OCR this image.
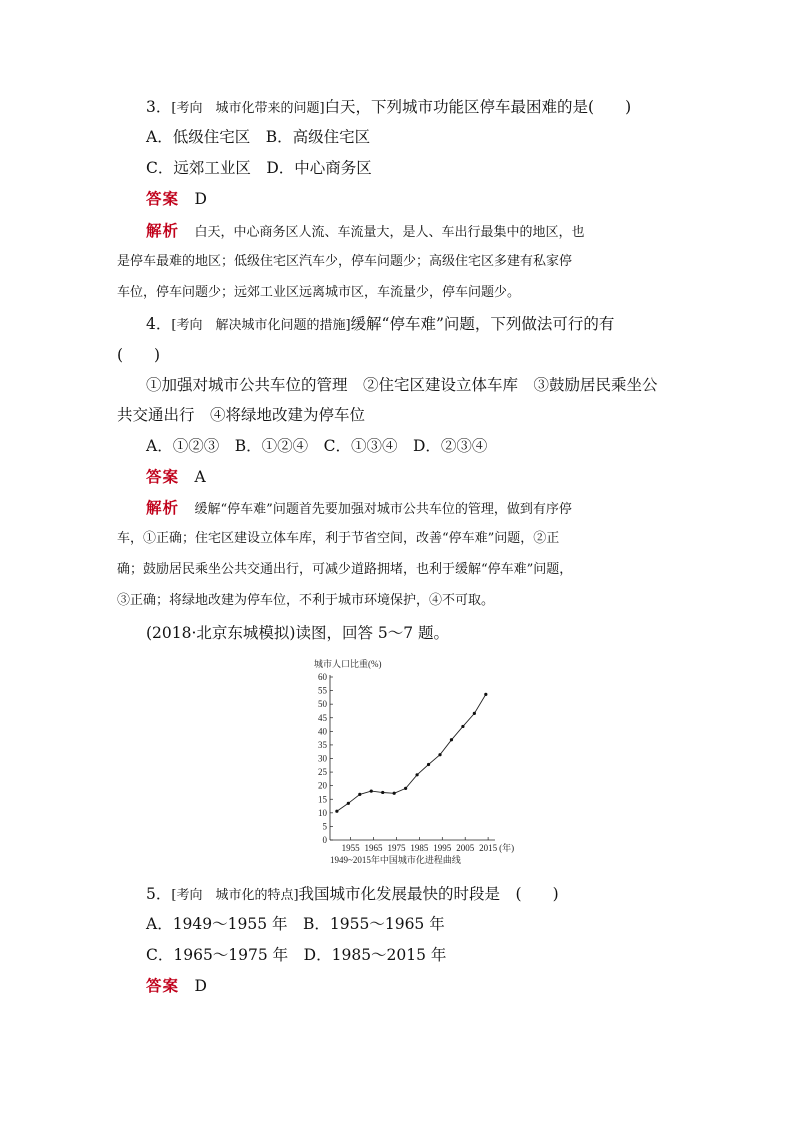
3．[考向　城市化带来的问题]白天，下列城市功能区停车最困难的是(　　)
A．低级住宅区　B．高级住宅区
C．远郊工业区　D．中心商务区
答案　 D
解析　 白天，中心商务区人流、车流量大，是人、车出行最集中的地区，也
是停车最难的地区；低级住宅区汽车少，停车问题少；高级住宅区多建有私家停
车位，停车问题少；远郊工业区远离城市区，车流量少，停车问题少。
4．[考向　解决城市化问题的措施]缓解“停车难”问题，下列做法可行的有
(　　)
①加强对城市公共车位的管理　②住宅区建设立体车库　③鼓励居民乘坐公
共交通出行　④将绿地改建为停车位
A．①②③　B．①②④　C．①③④　D．②③④
答案　 A
解析　 缓解“停车难”问题首先要加强对城市公共车位的管理，做到有序停
车，①正确；住宅区建设立体车库，利于节省空间，改善“停车难”问题，②正
确；鼓励居民乘坐公共交通出行，可减少道路拥堵，也利于缓解“停车难”问题，
③正确；将绿地改建为停车位，不利于城市环境保护，④不可取。
(2018·北京东城模拟)读图，回答 5～7 题。
城市人口比重(%)
0
5
10
15
20
25
30
35
40
45
50
55
60
1955 1965 1975 1985 1995 2005 2015 (年)
1949~2015年中国城市化进程曲线
5．[考向　城市化的特点]我国城市化发展最快的时段是　(　　)
A．1949～1955 年　B．1955～1965 年
C．1965～1975 年　D．1985～2015 年
答案　 D
